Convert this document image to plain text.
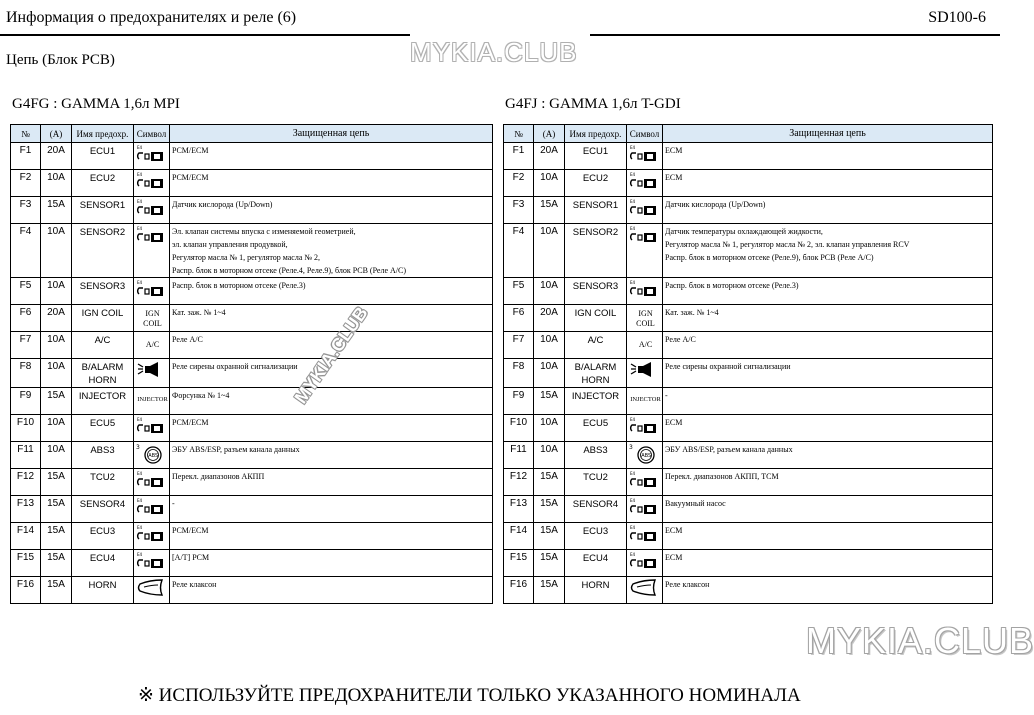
Информация о предохранителях и реле (6)	SD100-6
MYKIA.CLUB
Цепь (Блок PCB)
G4FG : GAMMA 1,6л MPI	G4FJ : GAMMA 1,6л T-GDI
№	(A)	Имя предохр.	Символ	Защищенная цепь
F1	20A	ECU1	E4	PCM/ECM
F2	10A	ECU2	E4	PCM/ECM
F3	15A	SENSOR1	E4	Датчик кислорода (Up/Down)
F4	10A	SENSOR2	E4	Эл. клапан системы впуска с изменяемой геометрией,
эл. клапан управления продувкой,
Регулятор масла № 1, регулятор масла № 2,
Распр. блок в моторном отсеке (Реле.4, Реле.9), блок PCB (Реле A/C)
F5	10A	SENSOR3	E4	Распр. блок в моторном отсеке (Реле.3)
F6	20A	IGN COIL	IGN
COIL	Кат. заж. № 1~4
F7	10A	A/C	A/C	Реле A/C
F8	10A	B/ALARM
HORN		Реле сирены охранной сигнализации
F9	15A	INJECTOR	INJECTOR	Форсунка № 1~4
F10	10A	ECU5	E4	PCM/ECM
F11	10A	ABS3	3
ABS	ЭБУ ABS/ESP, разъем канала данных
F12	15A	TCU2	E4	Перекл. диапазонов АКПП
F13	15A	SENSOR4	E4	-
F14	15A	ECU3	E4	PCM/ECM
F15	15A	ECU4	E4	[A/T] PCM
F16	15A	HORN		Реле клаксон
№	(A)	Имя предохр.	Символ	Защищенная цепь
F1	20A	ECU1	E4	ECM
F2	10A	ECU2	E4	ECM
F3	15A	SENSOR1	E4	Датчик кислорода (Up/Down)
F4	10A	SENSOR2	E4	Датчик температуры охлаждающей жидкости,
Регулятор масла № 1, регулятор масла № 2, эл. клапан управления RCV
Распр. блок в моторном отсеке (Реле.9), блок PCB (Реле A/C)
F5	10A	SENSOR3	E4	Распр. блок в моторном отсеке (Реле.3)
F6	20A	IGN COIL	IGN
COIL	Кат. заж. № 1~4
F7	10A	A/C	A/C	Реле A/C
F8	10A	B/ALARM
HORN		Реле сирены охранной сигнализации
F9	15A	INJECTOR	INJECTOR	-
F10	10A	ECU5	E4	ECM
F11	10A	ABS3	3
ABS	ЭБУ ABS/ESP, разъем канала данных
F12	15A	TCU2	E4	Перекл. диапазонов АКПП, TCM
F13	15A	SENSOR4	E4	Вакуумный насос
F14	15A	ECU3	E4	ECM
F15	15A	ECU4	E4	ECM
F16	15A	HORN		Реле клаксон
MYKIA.CLUB
MYKIA.CLUB
※ ИСПОЛЬЗУЙТЕ ПРЕДОХРАНИТЕЛИ ТОЛЬКО УКАЗАННОГО НОМИНАЛА
